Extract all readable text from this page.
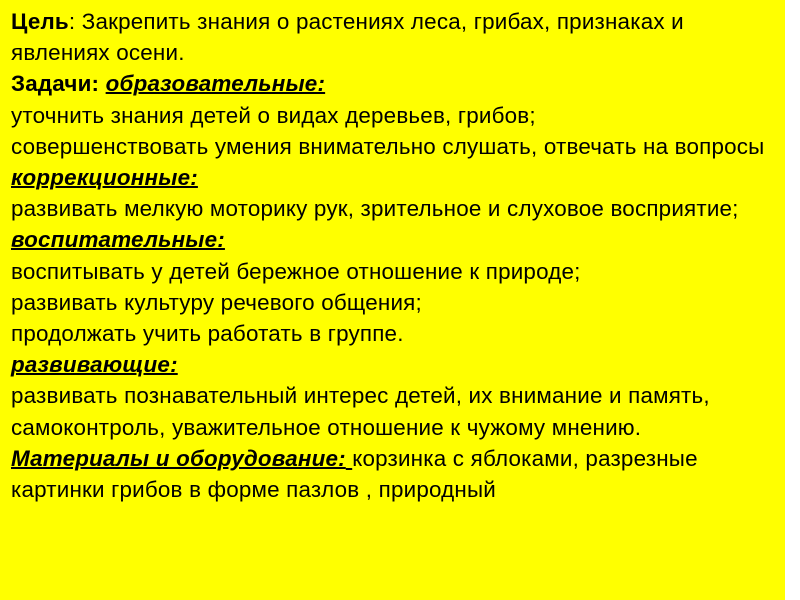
Цель: Закрепить знания о растениях леса, грибах, признаках и явлениях осени.
Задачи: образовательные:
уточнить знания детей о видах деревьев, грибов;
совершенствовать умения внимательно слушать, отвечать на вопросы
коррекционные:
развивать мелкую моторику рук, зрительное и слуховое восприятие;
воспитательные:
воспитывать у детей бережное отношение к природе;
развивать культуру речевого общения;
продолжать учить работать в группе.
развивающие:
развивать познавательный интерес детей, их внимание и память, самоконтроль, уважительное отношение к чужому мнению.
Материалы и оборудование: корзинка с яблоками, разрезные картинки грибов в форме пазлов , природный
